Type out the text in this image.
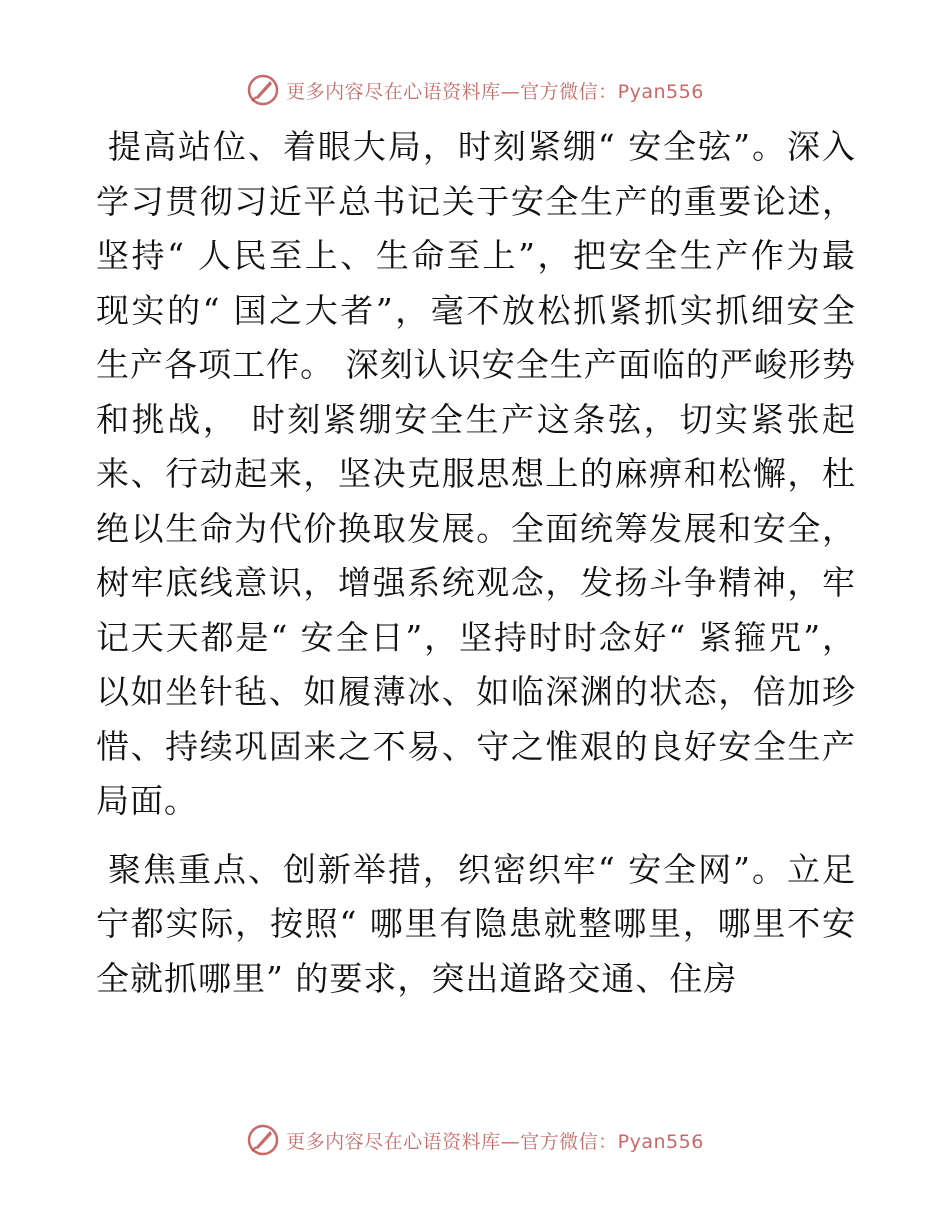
更多内容尽在心语资料库—官方微信：Pyan556

提高站位、着眼大局，时刻紧绷“ 安全弦”。深入学习贯彻习近平总书记关于安全生产的重要论述，坚持“ 人民至上、生命至上”，把安全生产作为最现实的“ 国之大者”，毫不放松抓紧抓实抓细安全生产各项工作。 深刻认识安全生产面临的严峻形势和挑战， 时刻紧绷安全生产这条弦，切实紧张起来、行动起来，坚决克服思想上的麻痹和松懈，杜绝以生命为代价换取发展。全面统筹发展和安全，树牢底线意识，增强系统观念，发扬斗争精神，牢记天天都是“ 安全日”，坚持时时念好“ 紧箍咒”，以如坐针毡、如履薄冰、如临深渊的状态，倍加珍惜、持续巩固来之不易、守之惟艰的良好安全生产局面。

聚焦重点、创新举措，织密织牢“ 安全网”。立足宁都实际，按照“ 哪里有隐患就整哪里，哪里不安全就抓哪里” 的要求，突出道路交通、住房

更多内容尽在心语资料库—官方微信：Pyan556
